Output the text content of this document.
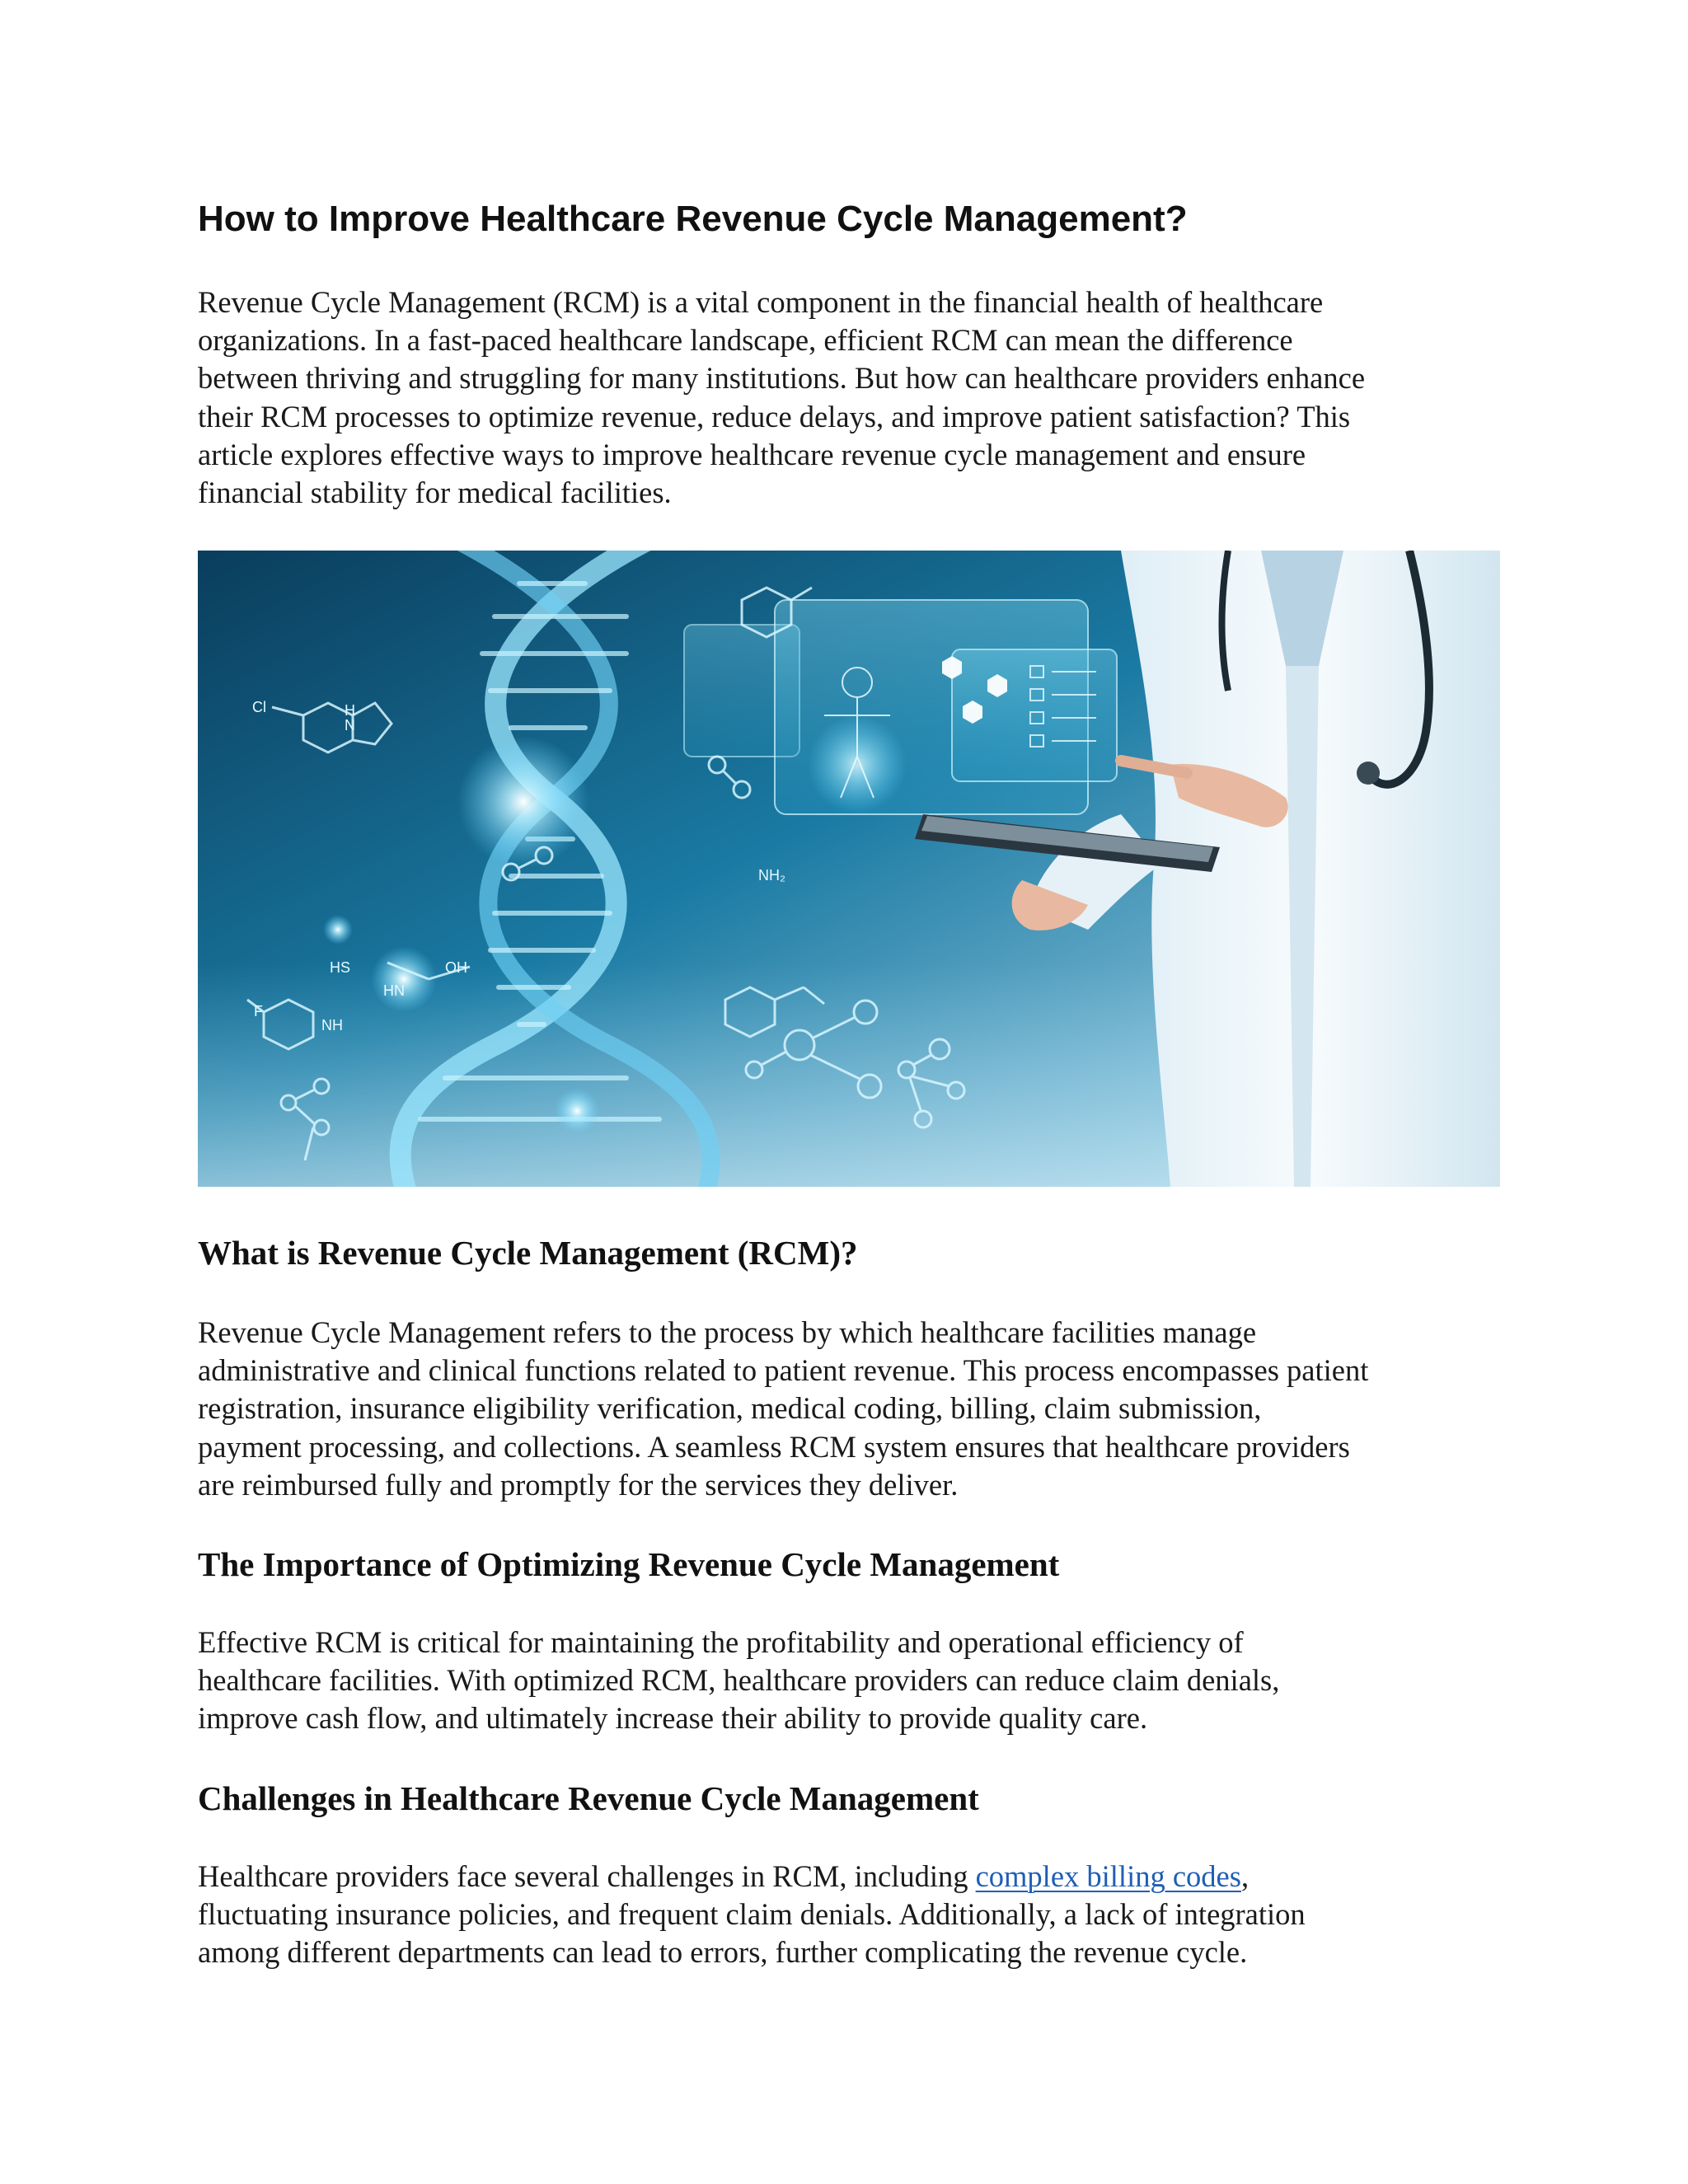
How to Improve Healthcare Revenue Cycle Management?

Revenue Cycle Management (RCM) is a vital component in the financial health of healthcare
organizations. In a fast-paced healthcare landscape, efficient RCM can mean the difference
between thriving and struggling for many institutions. But how can healthcare providers enhance
their RCM processes to optimize revenue, reduce delays, and improve patient satisfaction? This
article explores effective ways to improve healthcare revenue cycle management and ensure
financial stability for medical facilities.

Cl	H
N
NH₂
F
NH
HS	OH
HN
What is Revenue Cycle Management (RCM)?

Revenue Cycle Management refers to the process by which healthcare facilities manage
administrative and clinical functions related to patient revenue. This process encompasses patient
registration, insurance eligibility verification, medical coding, billing, claim submission,
payment processing, and collections. A seamless RCM system ensures that healthcare providers
are reimbursed fully and promptly for the services they deliver.

The Importance of Optimizing Revenue Cycle Management

Effective RCM is critical for maintaining the profitability and operational efficiency of
healthcare facilities. With optimized RCM, healthcare providers can reduce claim denials,
improve cash flow, and ultimately increase their ability to provide quality care.

Challenges in Healthcare Revenue Cycle Management

Healthcare providers face several challenges in RCM, including complex billing codes,
fluctuating insurance policies, and frequent claim denials. Additionally, a lack of integration
among different departments can lead to errors, further complicating the revenue cycle.
